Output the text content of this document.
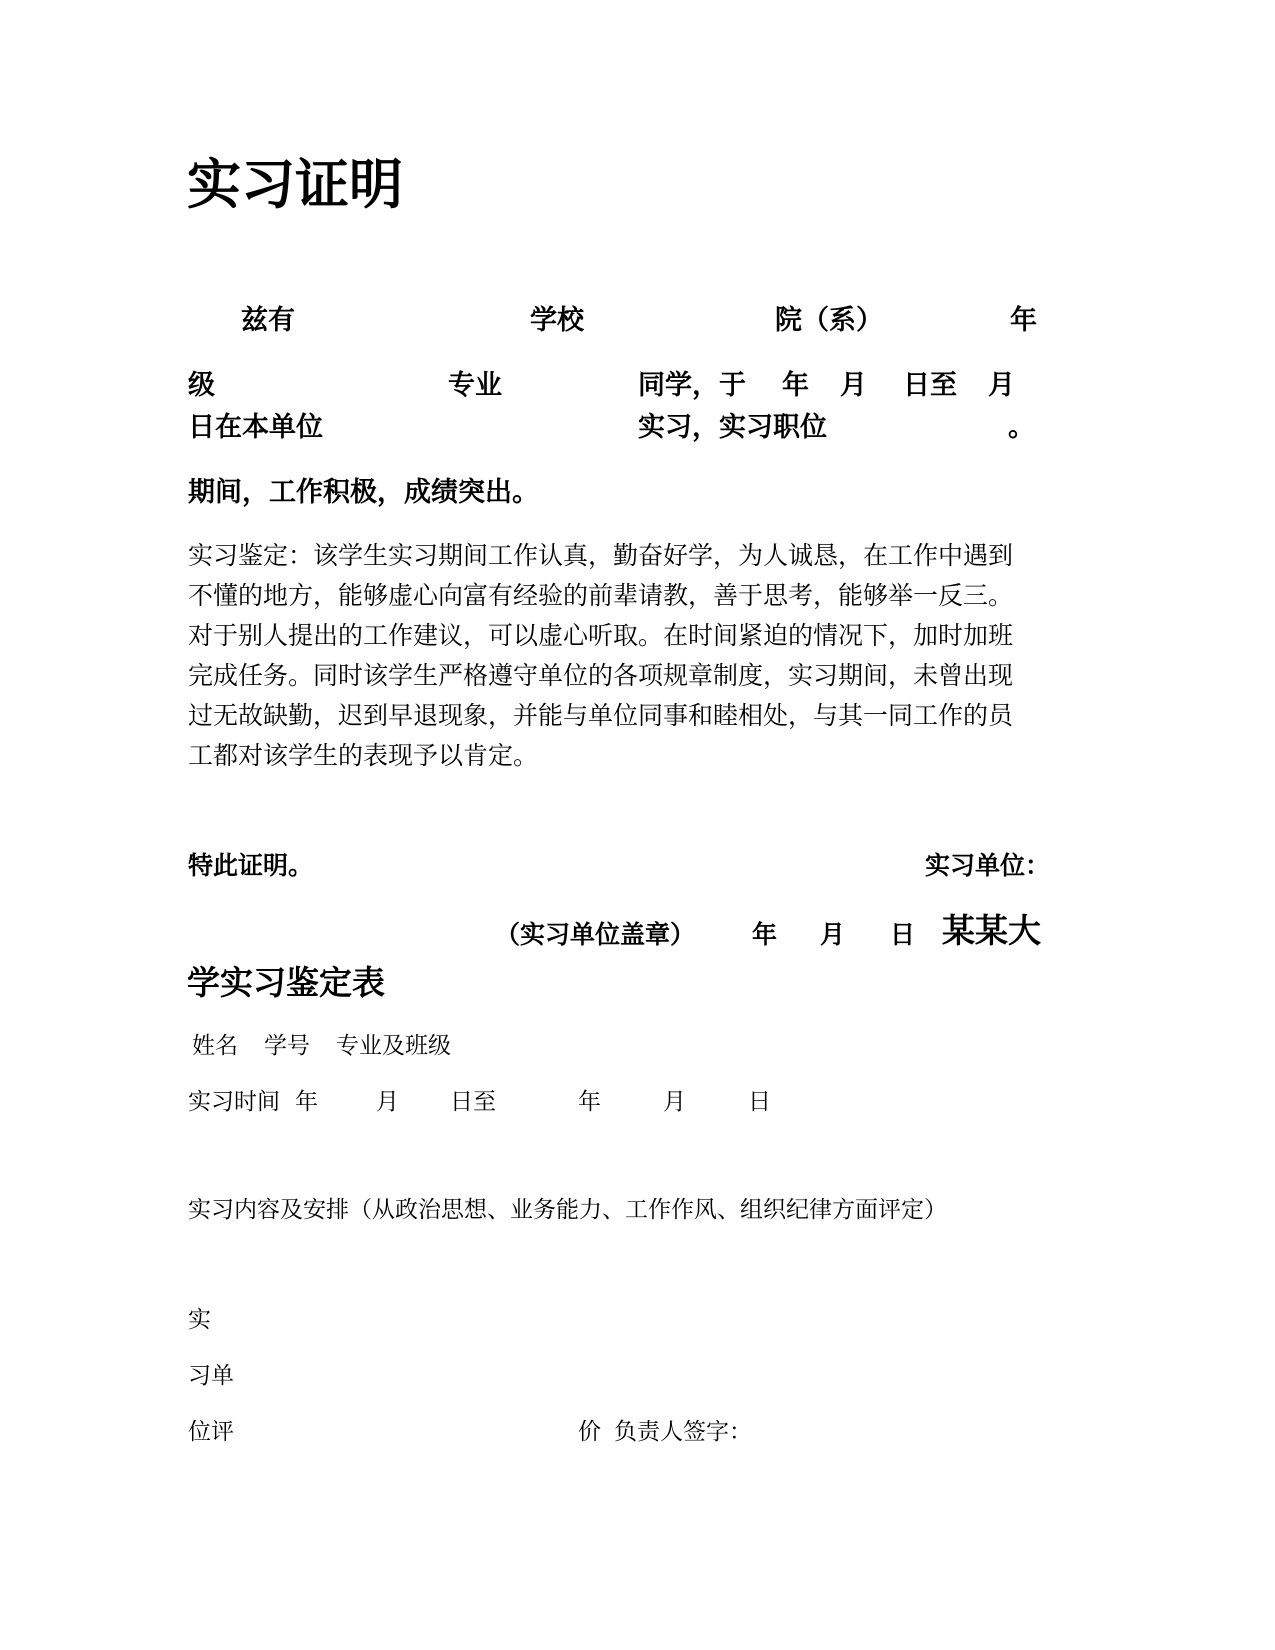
实习证明
兹有	学校	院（系）	年
级	专业	同学，于 年 月 日至 月
日在本单位	实习，实习职位	。
期间，工作积极，成绩突出。
实习鉴定：该学生实习期间工作认真，勤奋好学，为人诚恳，在工作中遇到
不懂的地方，能够虚心向富有经验的前辈请教，善于思考，能够举一反三。
对于别人提出的工作建议，可以虚心听取。在时间紧迫的情况下，加时加班
完成任务。同时该学生严格遵守单位的各项规章制度，实习期间，未曾出现
过无故缺勤，迟到早退现象，并能与单位同事和睦相处，与其一同工作的员
工都对该学生的表现予以肯定。
特此证明。	实习单位：
（实习单位盖章） 年 月 日 某某大
学实习鉴定表
姓名 学号 专业及班级
实习时间 年	月 日至	年	月	日
实习内容及安排（从政治思想、业务能力、工作作风、组织纪律方面评定）
实
习单
位评	价 负责人签字：
